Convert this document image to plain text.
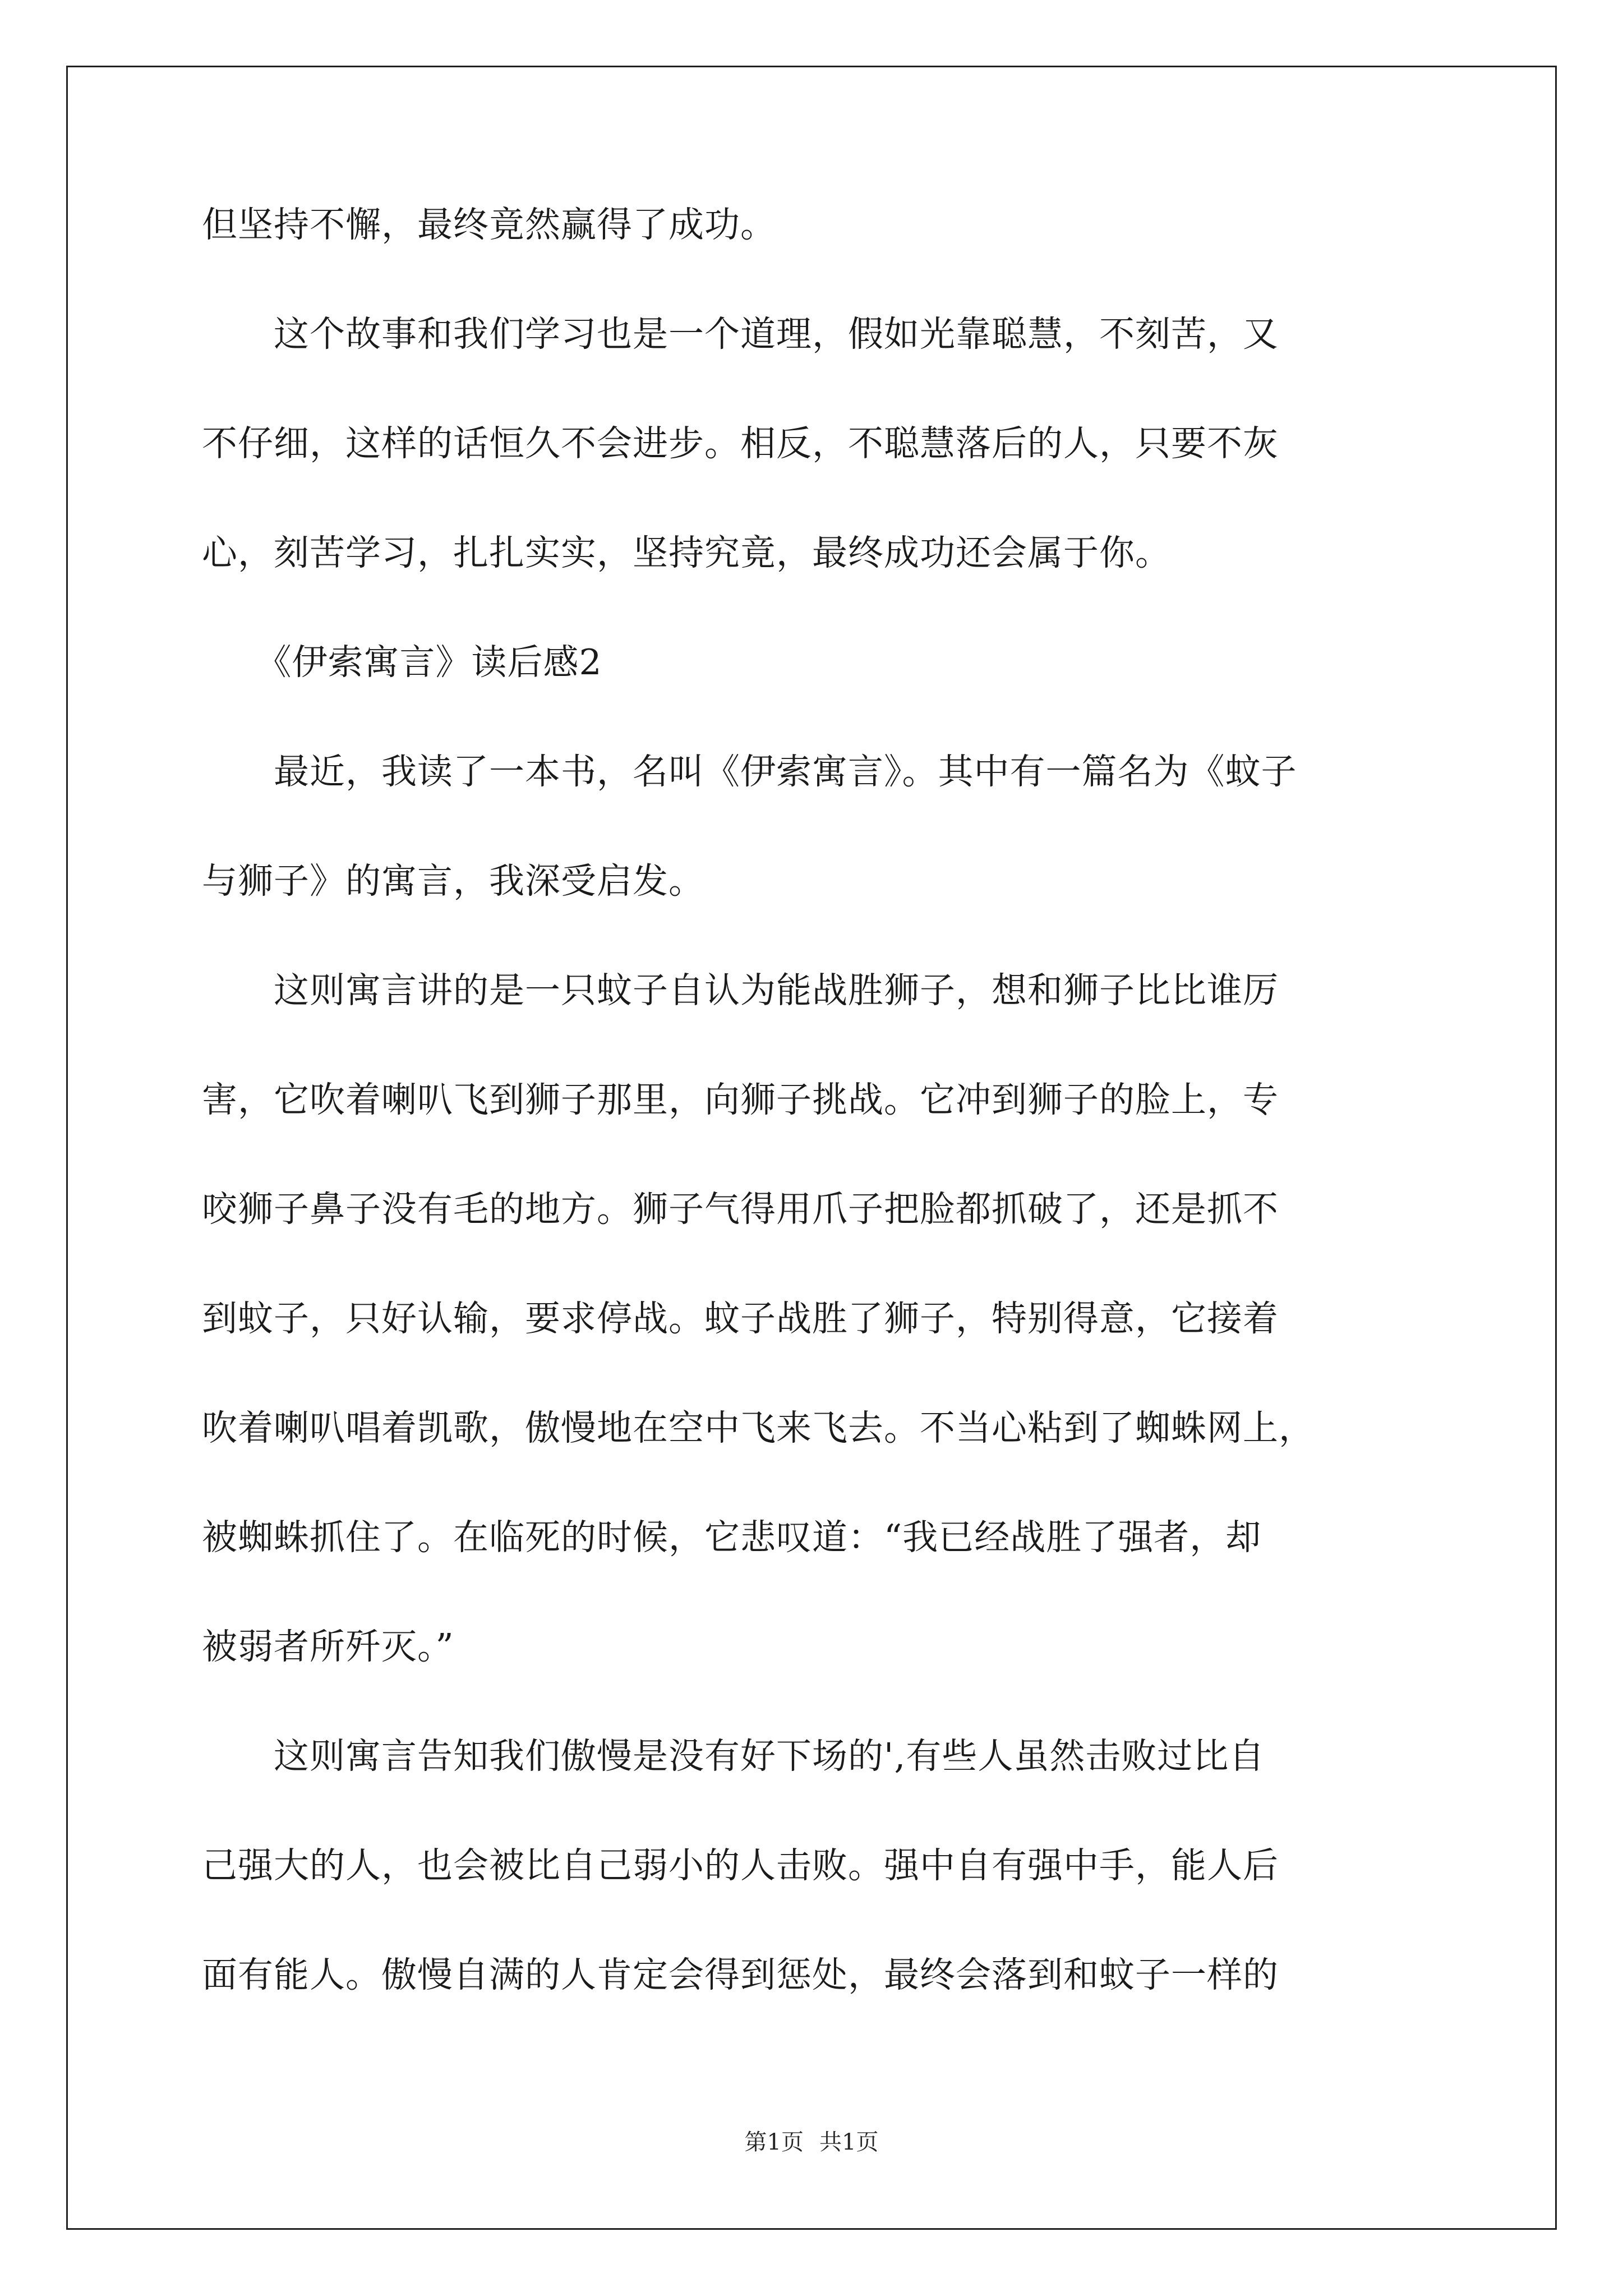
但坚持不懈，最终竟然赢得了成功。
　　这个故事和我们学习也是一个道理，假如光靠聪慧，不刻苦，又
不仔细，这样的话恒久不会进步。相反，不聪慧落后的人，只要不灰
心，刻苦学习，扎扎实实，坚持究竟，最终成功还会属于你。
　　《伊索寓言》读后感2
　　最近，我读了一本书，名叫《伊索寓言》。其中有一篇名为《蚊子
与狮子》的寓言，我深受启发。
　　这则寓言讲的是一只蚊子自认为能战胜狮子，想和狮子比比谁厉
害，它吹着喇叭飞到狮子那里，向狮子挑战。它冲到狮子的脸上，专
咬狮子鼻子没有毛的地方。狮子气得用爪子把脸都抓破了，还是抓不
到蚊子，只好认输，要求停战。蚊子战胜了狮子，特别得意，它接着
吹着喇叭唱着凯歌，傲慢地在空中飞来飞去。不当心粘到了蜘蛛网上，
被蜘蛛抓住了。在临死的时候，它悲叹道：“我已经战胜了强者，却
被弱者所歼灭。”
　　这则寓言告知我们傲慢是没有好下场的',有些人虽然击败过比自
己强大的人，也会被比自己弱小的人击败。强中自有强中手，能人后
面有能人。傲慢自满的人肯定会得到惩处，最终会落到和蚊子一样的
第1页 共1页
